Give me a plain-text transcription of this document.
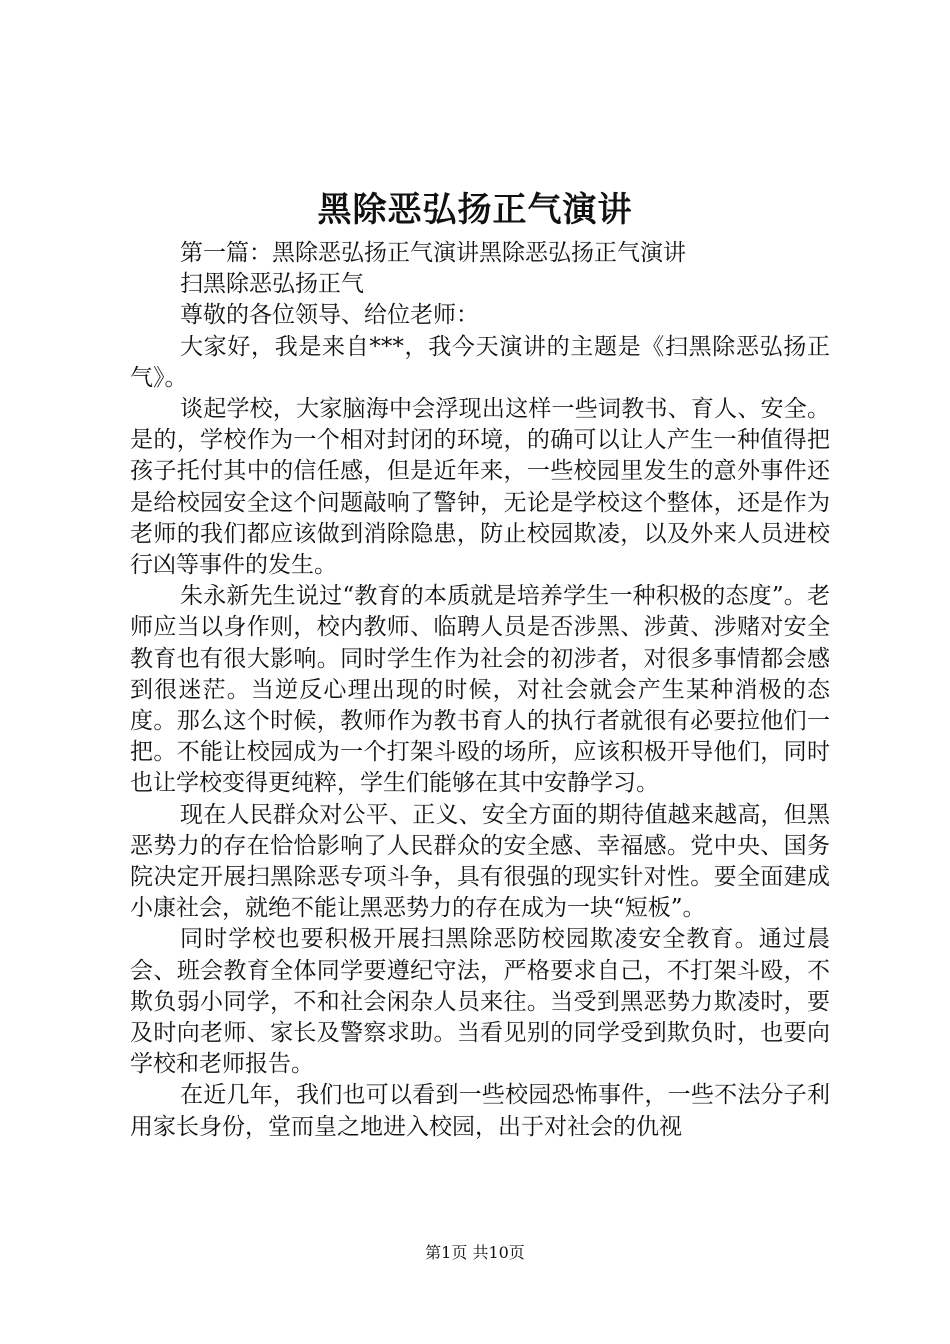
黑除恶弘扬正气演讲

第一篇：黑除恶弘扬正气演讲黑除恶弘扬正气演讲

扫黑除恶弘扬正气

尊敬的各位领导、给位老师：

大家好，我是来自***，我今天演讲的主题是《扫黑除恶弘扬正气》。

谈起学校，大家脑海中会浮现出这样一些词教书、育人、安全。是的，学校作为一个相对封闭的环境，的确可以让人产生一种值得把孩子托付其中的信任感，但是近年来，一些校园里发生的意外事件还是给校园安全这个问题敲响了警钟，无论是学校这个整体，还是作为老师的我们都应该做到消除隐患，防止校园欺凌，以及外来人员进校行凶等事件的发生。

朱永新先生说过“教育的本质就是培养学生一种积极的态度”。老师应当以身作则，校内教师、临聘人员是否涉黑、涉黄、涉赌对安全教育也有很大影响。同时学生作为社会的初涉者，对很多事情都会感到很迷茫。当逆反心理出现的时候，对社会就会产生某种消极的态度。那么这个时候，教师作为教书育人的执行者就很有必要拉他们一把。不能让校园成为一个打架斗殴的场所，应该积极开导他们，同时也让学校变得更纯粹，学生们能够在其中安静学习。

现在人民群众对公平、正义、安全方面的期待值越来越高，但黑恶势力的存在恰恰影响了人民群众的安全感、幸福感。党中央、国务院决定开展扫黑除恶专项斗争，具有很强的现实针对性。要全面建成小康社会，就绝不能让黑恶势力的存在成为一块“短板”。

同时学校也要积极开展扫黑除恶防校园欺凌安全教育。通过晨会、班会教育全体同学要遵纪守法，严格要求自己，不打架斗殴，不欺负弱小同学，不和社会闲杂人员来往。当受到黑恶势力欺凌时，要及时向老师、家长及警察求助。当看见别的同学受到欺负时，也要向学校和老师报告。

在近几年，我们也可以看到一些校园恐怖事件，一些不法分子利用家长身份，堂而皇之地进入校园，出于对社会的仇视

第1页 共10页
